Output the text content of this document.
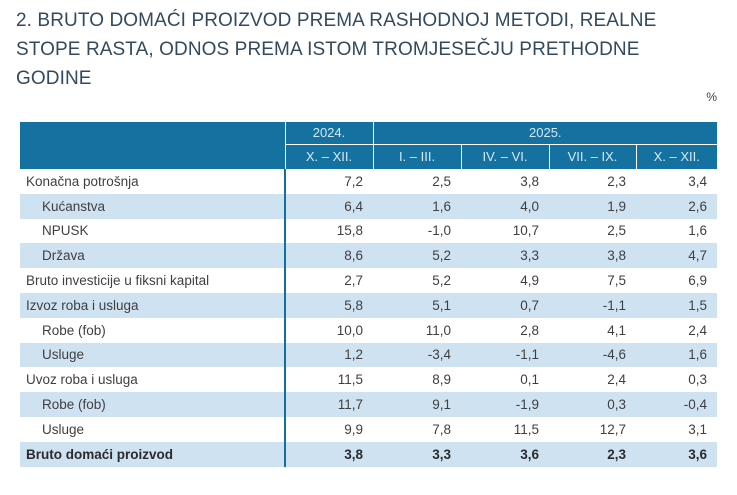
2. BRUTO DOMAĆI PROIZVOD PREMA RASHODNOJ METODI, REALNE STOPE RASTA, ODNOS PREMA ISTOM TROMJESEČJU PRETHODNE GODINE
%
	2024.	2025.			
	X. – XII.	I. – III.	IV. – VI.	VII. – IX.	X. – XII.
Konačna potrošnja	7,2	2,5	3,8	2,3	3,4
Kućanstva	6,4	1,6	4,0	1,9	2,6
NPUSK	15,8	-1,0	10,7	2,5	1,6
Država	8,6	5,2	3,3	3,8	4,7
Bruto investicije u fiksni kapital	2,7	5,2	4,9	7,5	6,9
Izvoz roba i usluga	5,8	5,1	0,7	-1,1	1,5
Robe (fob)	10,0	11,0	2,8	4,1	2,4
Usluge	1,2	-3,4	-1,1	-4,6	1,6
Uvoz roba i usluga	11,5	8,9	0,1	2,4	0,3
Robe (fob)	11,7	9,1	-1,9	0,3	-0,4
Usluge	9,9	7,8	11,5	12,7	3,1
Bruto domaći proizvod	3,8	3,3	3,6	2,3	3,6
